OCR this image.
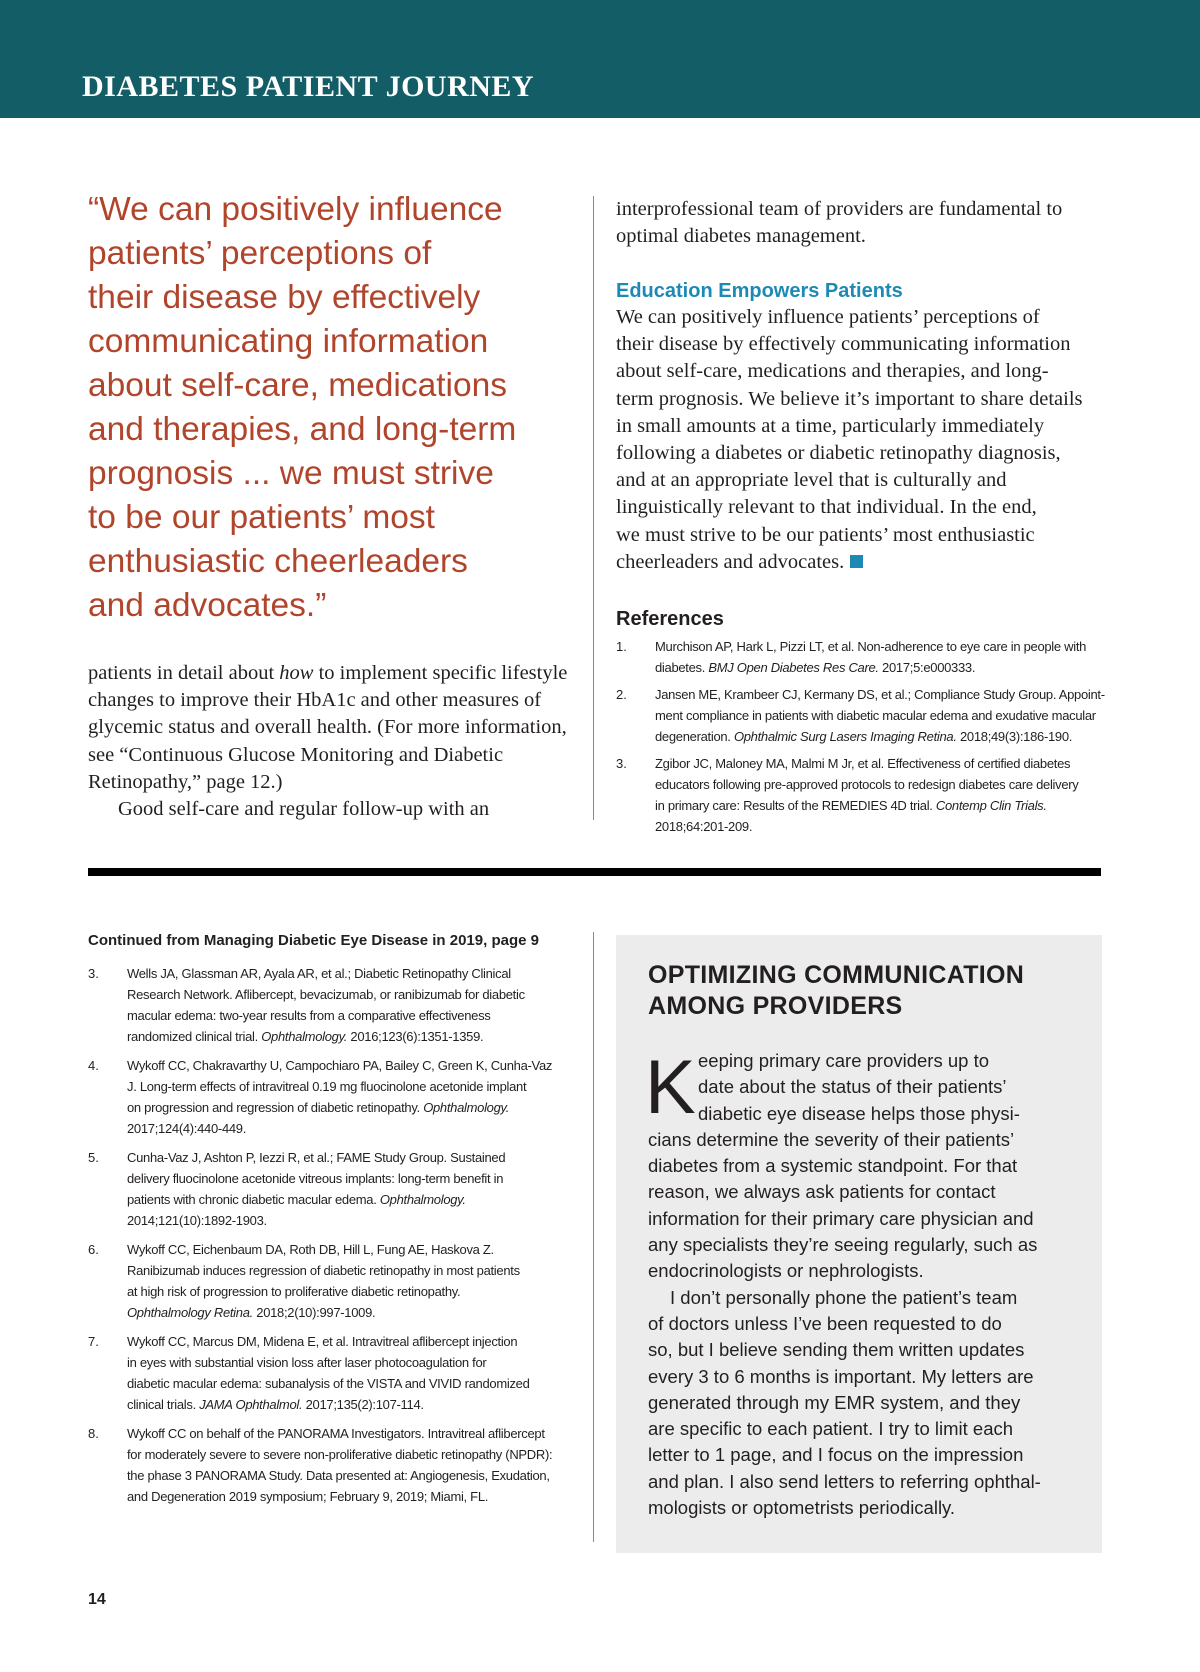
DIABETES PATIENT JOURNEY

“We can positively influence
patients’ perceptions of
their disease by effectively
communicating information
about self-care, medications
and therapies, and long-term
prognosis ... we must strive
to be our patients’ most
enthusiastic cheerleaders
and advocates.”

patients in detail about how to implement specific lifestyle
changes to improve their HbA1c and other measures of
glycemic status and overall health. (For more information,
see “Continuous Glucose Monitoring and Diabetic
Retinopathy,” page 12.)
Good self-care and regular follow-up with an

interprofessional team of providers are fundamental to
optimal diabetes management.

Education Empowers Patients

We can positively influence patients’ perceptions of
their disease by effectively communicating information
about self-care, medications and therapies, and long-
term prognosis. We believe it’s important to share details
in small amounts at a time, particularly immediately
following a diabetes or diabetic retinopathy diagnosis,
and at an appropriate level that is culturally and
linguistically relevant to that individual. In the end,
we must strive to be our patients’ most enthusiastic
cheerleaders and advocates.

References
1. Murchison AP, Hark L, Pizzi LT, et al. Non-adherence to eye care in people with
diabetes. BMJ Open Diabetes Res Care. 2017;5:e000333.
2. Jansen ME, Krambeer CJ, Kermany DS, et al.; Compliance Study Group. Appoint-
ment compliance in patients with diabetic macular edema and exudative macular
degeneration. Ophthalmic Surg Lasers Imaging Retina. 2018;49(3):186-190.
3. Zgibor JC, Maloney MA, Malmi M Jr, et al. Effectiveness of certified diabetes
educators following pre-approved protocols to redesign diabetes care delivery
in primary care: Results of the REMEDIES 4D trial. Contemp Clin Trials.
2018;64:201-209.
Continued from Managing Diabetic Eye Disease in 2019, page 9
3. Wells JA, Glassman AR, Ayala AR, et al.; Diabetic Retinopathy Clinical
Research Network. Aflibercept, bevacizumab, or ranibizumab for diabetic
macular edema: two-year results from a comparative effectiveness
randomized clinical trial. Ophthalmology. 2016;123(6):1351-1359.
4. Wykoff CC, Chakravarthy U, Campochiaro PA, Bailey C, Green K, Cunha-Vaz
J. Long-term effects of intravitreal 0.19 mg fluocinolone acetonide implant
on progression and regression of diabetic retinopathy. Ophthalmology.
2017;124(4):440-449.
5. Cunha-Vaz J, Ashton P, Iezzi R, et al.; FAME Study Group. Sustained
delivery fluocinolone acetonide vitreous implants: long-term benefit in
patients with chronic diabetic macular edema. Ophthalmology.
2014;121(10):1892-1903.
6. Wykoff CC, Eichenbaum DA, Roth DB, Hill L, Fung AE, Haskova Z.
Ranibizumab induces regression of diabetic retinopathy in most patients
at high risk of progression to proliferative diabetic retinopathy.
Ophthalmology Retina. 2018;2(10):997-1009.
7. Wykoff CC, Marcus DM, Midena E, et al. Intravitreal aflibercept injection
in eyes with substantial vision loss after laser photocoagulation for
diabetic macular edema: subanalysis of the VISTA and VIVID randomized
clinical trials. JAMA Ophthalmol. 2017;135(2):107-114.
8. Wykoff CC on behalf of the PANORAMA Investigators. Intravitreal aflibercept
for moderately severe to severe non-proliferative diabetic retinopathy (NPDR):
the phase 3 PANORAMA Study. Data presented at: Angiogenesis, Exudation,
and Degeneration 2019 symposium; February 9, 2019; Miami, FL.
OPTIMIZING COMMUNICATION
AMONG PROVIDERS
K eeping primary care providers up to
date about the status of their patients’
diabetic eye disease helps those physi-
cians determine the severity of their patients’
diabetes from a systemic standpoint. For that
reason, we always ask patients for contact
information for their primary care physician and
any specialists they’re seeing regularly, such as
endocrinologists or nephrologists.
I don’t personally phone the patient’s team
of doctors unless I’ve been requested to do
so, but I believe sending them written updates
every 3 to 6 months is important. My letters are
generated through my EMR system, and they
are specific to each patient. I try to limit each
letter to 1 page, and I focus on the impression
and plan. I also send letters to referring ophthal-
mologists or optometrists periodically.

14
